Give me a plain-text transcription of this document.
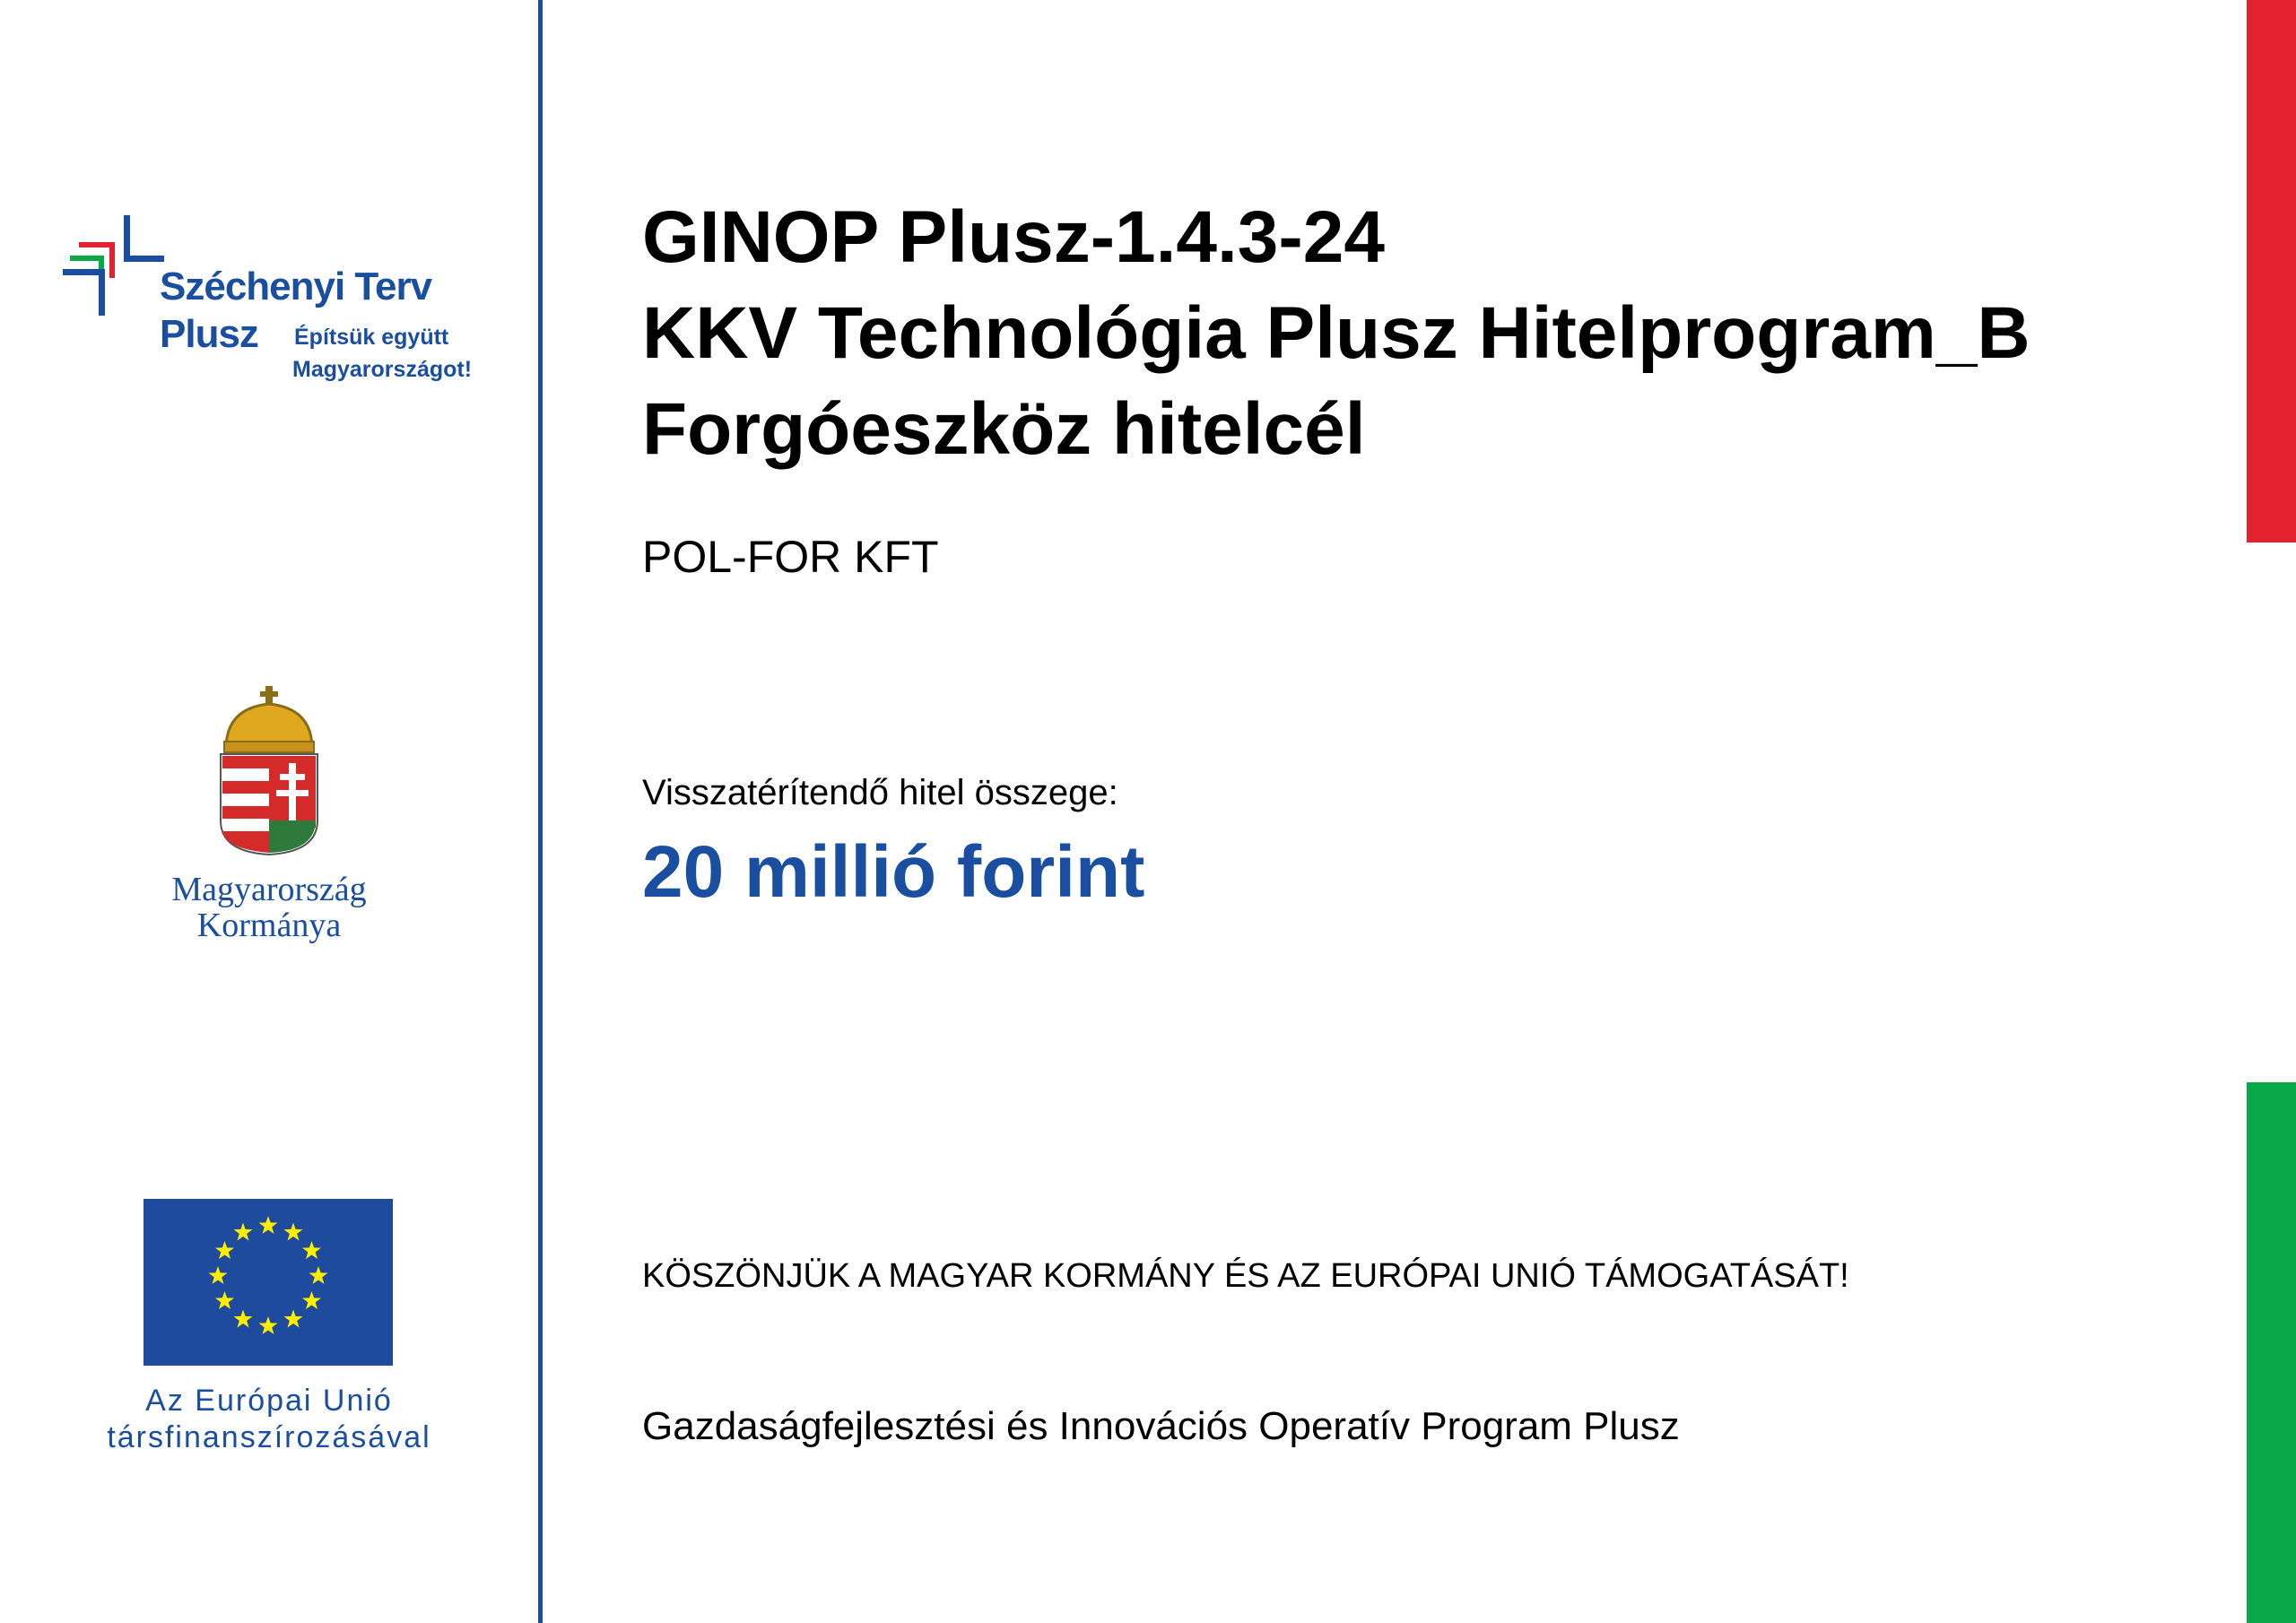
Széchenyi Terv
Plusz Építsük együtt
Magyarországot!
Magyarország
Kormánya
Az Európai Unió
társfinanszírozásával
GINOP Plusz-1.4.3-24
KKV Technológia Plusz Hitelprogram_B
Forgóeszköz hitelcél
POL-FOR KFT
Visszatérítendő hitel összege:
20 millió forint
KÖSZÖNJÜK A MAGYAR KORMÁNY ÉS AZ EURÓPAI UNIÓ TÁMOGATÁSÁT!
Gazdaságfejlesztési és Innovációs Operatív Program Plusz
